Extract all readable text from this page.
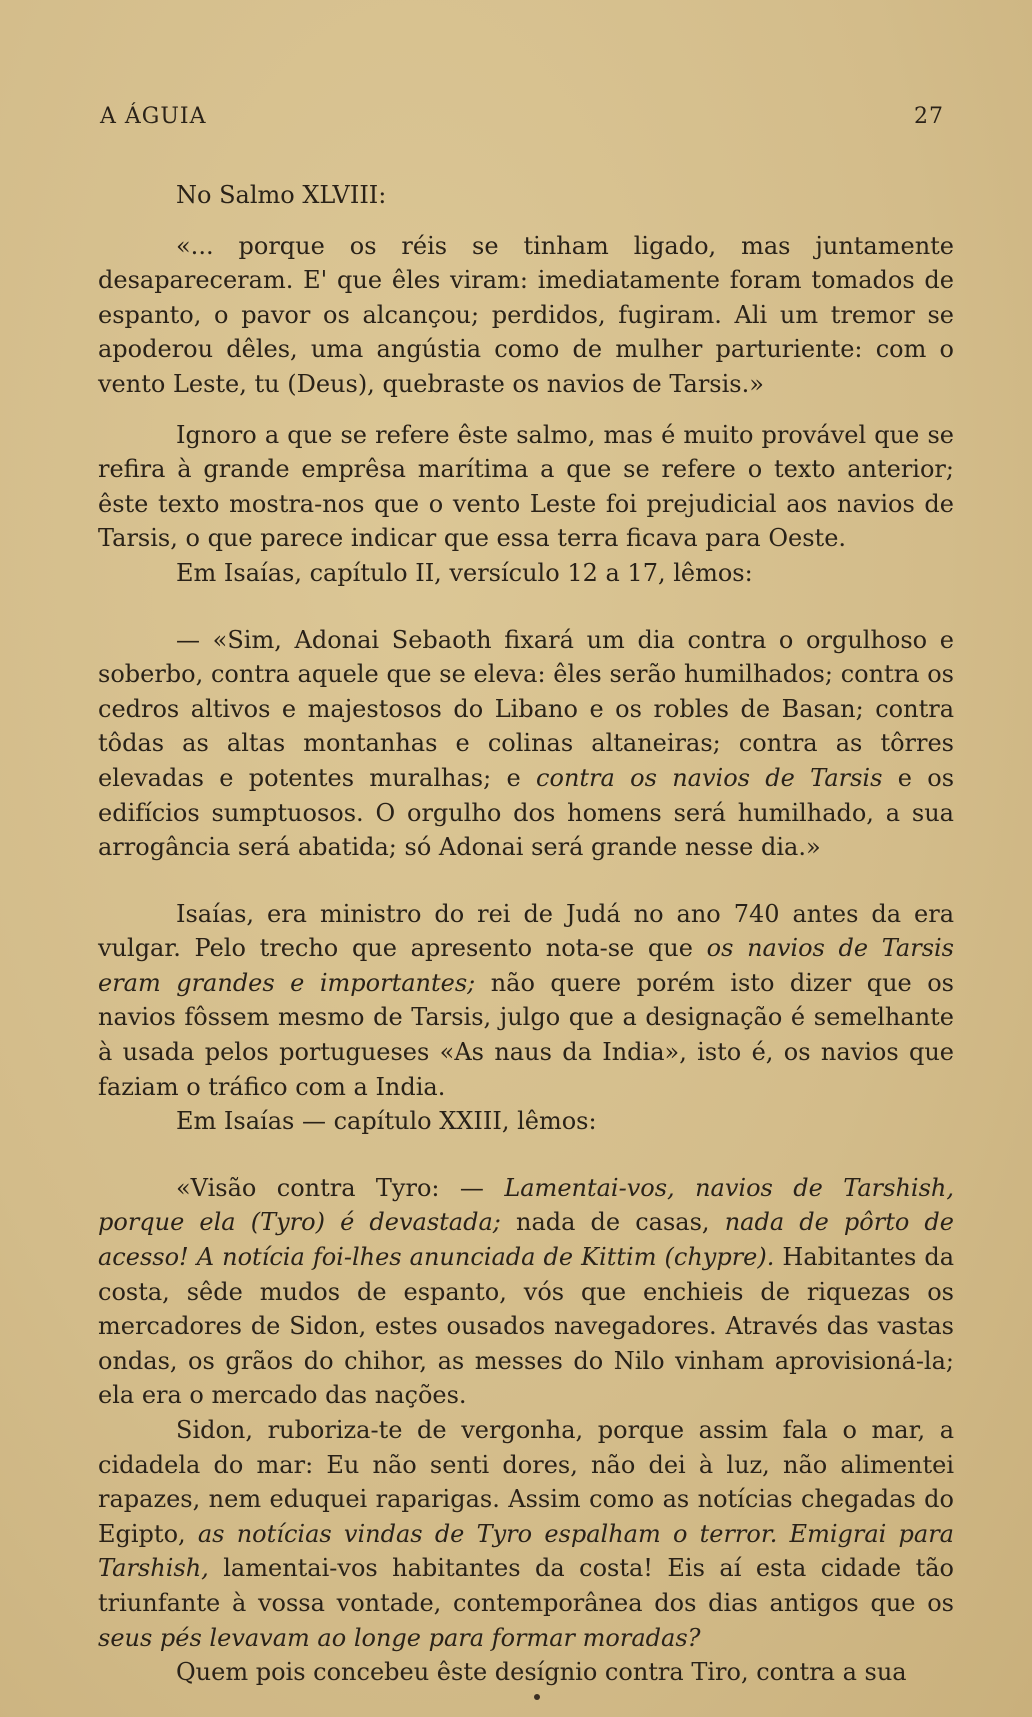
A ÁGUIA	27

No Salmo XLVIII:

«... porque os réis se tinham ligado, mas juntamente desapareceram. E' que êles viram: imediatamente foram tomados de espanto, o pavor os alcançou; perdidos, fugiram. Ali um tremor se apoderou dêles, uma angústia como de mulher parturiente: com o vento Leste, tu (Deus), quebraste os navios de Tarsis.»

Ignoro a que se refere êste salmo, mas é muito provável que se refira à grande emprêsa marítima a que se refere o texto anterior; êste texto mostra-nos que o vento Leste foi prejudicial aos navios de Tarsis, o que parece indicar que essa terra ficava para Oeste.

Em Isaías, capítulo II, versículo 12 a 17, lêmos:

— «Sim, Adonai Sebaoth fixará um dia contra o orgulhoso e soberbo, contra aquele que se eleva: êles serão humilhados; contra os cedros altivos e majestosos do Libano e os robles de Basan; contra tôdas as altas montanhas e colinas altaneiras; contra as tôrres elevadas e potentes muralhas; e contra os navios de Tarsis e os edifícios sumptuosos. O orgulho dos homens será humilhado, a sua arrogância será abatida; só Adonai será grande nesse dia.»

Isaías, era ministro do rei de Judá no ano 740 antes da era vulgar. Pelo trecho que apresento nota-se que os navios de Tarsis eram grandes e importantes; não quere porém isto dizer que os navios fôssem mesmo de Tarsis, julgo que a designação é semelhante à usada pelos portugueses «As naus da India», isto é, os navios que faziam o tráfico com a India.

Em Isaías — capítulo XXIII, lêmos:

«Visão contra Tyro: — Lamentai-vos, navios de Tarshish, porque ela (Tyro) é devastada; nada de casas, nada de pôrto de acesso! A notícia foi-lhes anunciada de Kittim (chypre). Habitantes da costa, sêde mudos de espanto, vós que enchieis de riquezas os mercadores de Sidon, estes ousados navegadores. Através das vastas ondas, os grãos do chihor, as messes do Nilo vinham aprovisioná-la; ela era o mercado das nações.

Sidon, ruboriza-te de vergonha, porque assim fala o mar, a cidadela do mar: Eu não senti dores, não dei à luz, não alimentei rapazes, nem eduquei raparigas. Assim como as notícias chegadas do Egipto, as notícias vindas de Tyro espalham o terror. Emigrai para Tarshish, lamentai-vos habitantes da costa! Eis aí esta cidade tão triunfante à vossa vontade, contemporânea dos dias antigos que os seus pés levavam ao longe para formar moradas?

Quem pois concebeu êste desígnio contra Tiro, contra a sua
